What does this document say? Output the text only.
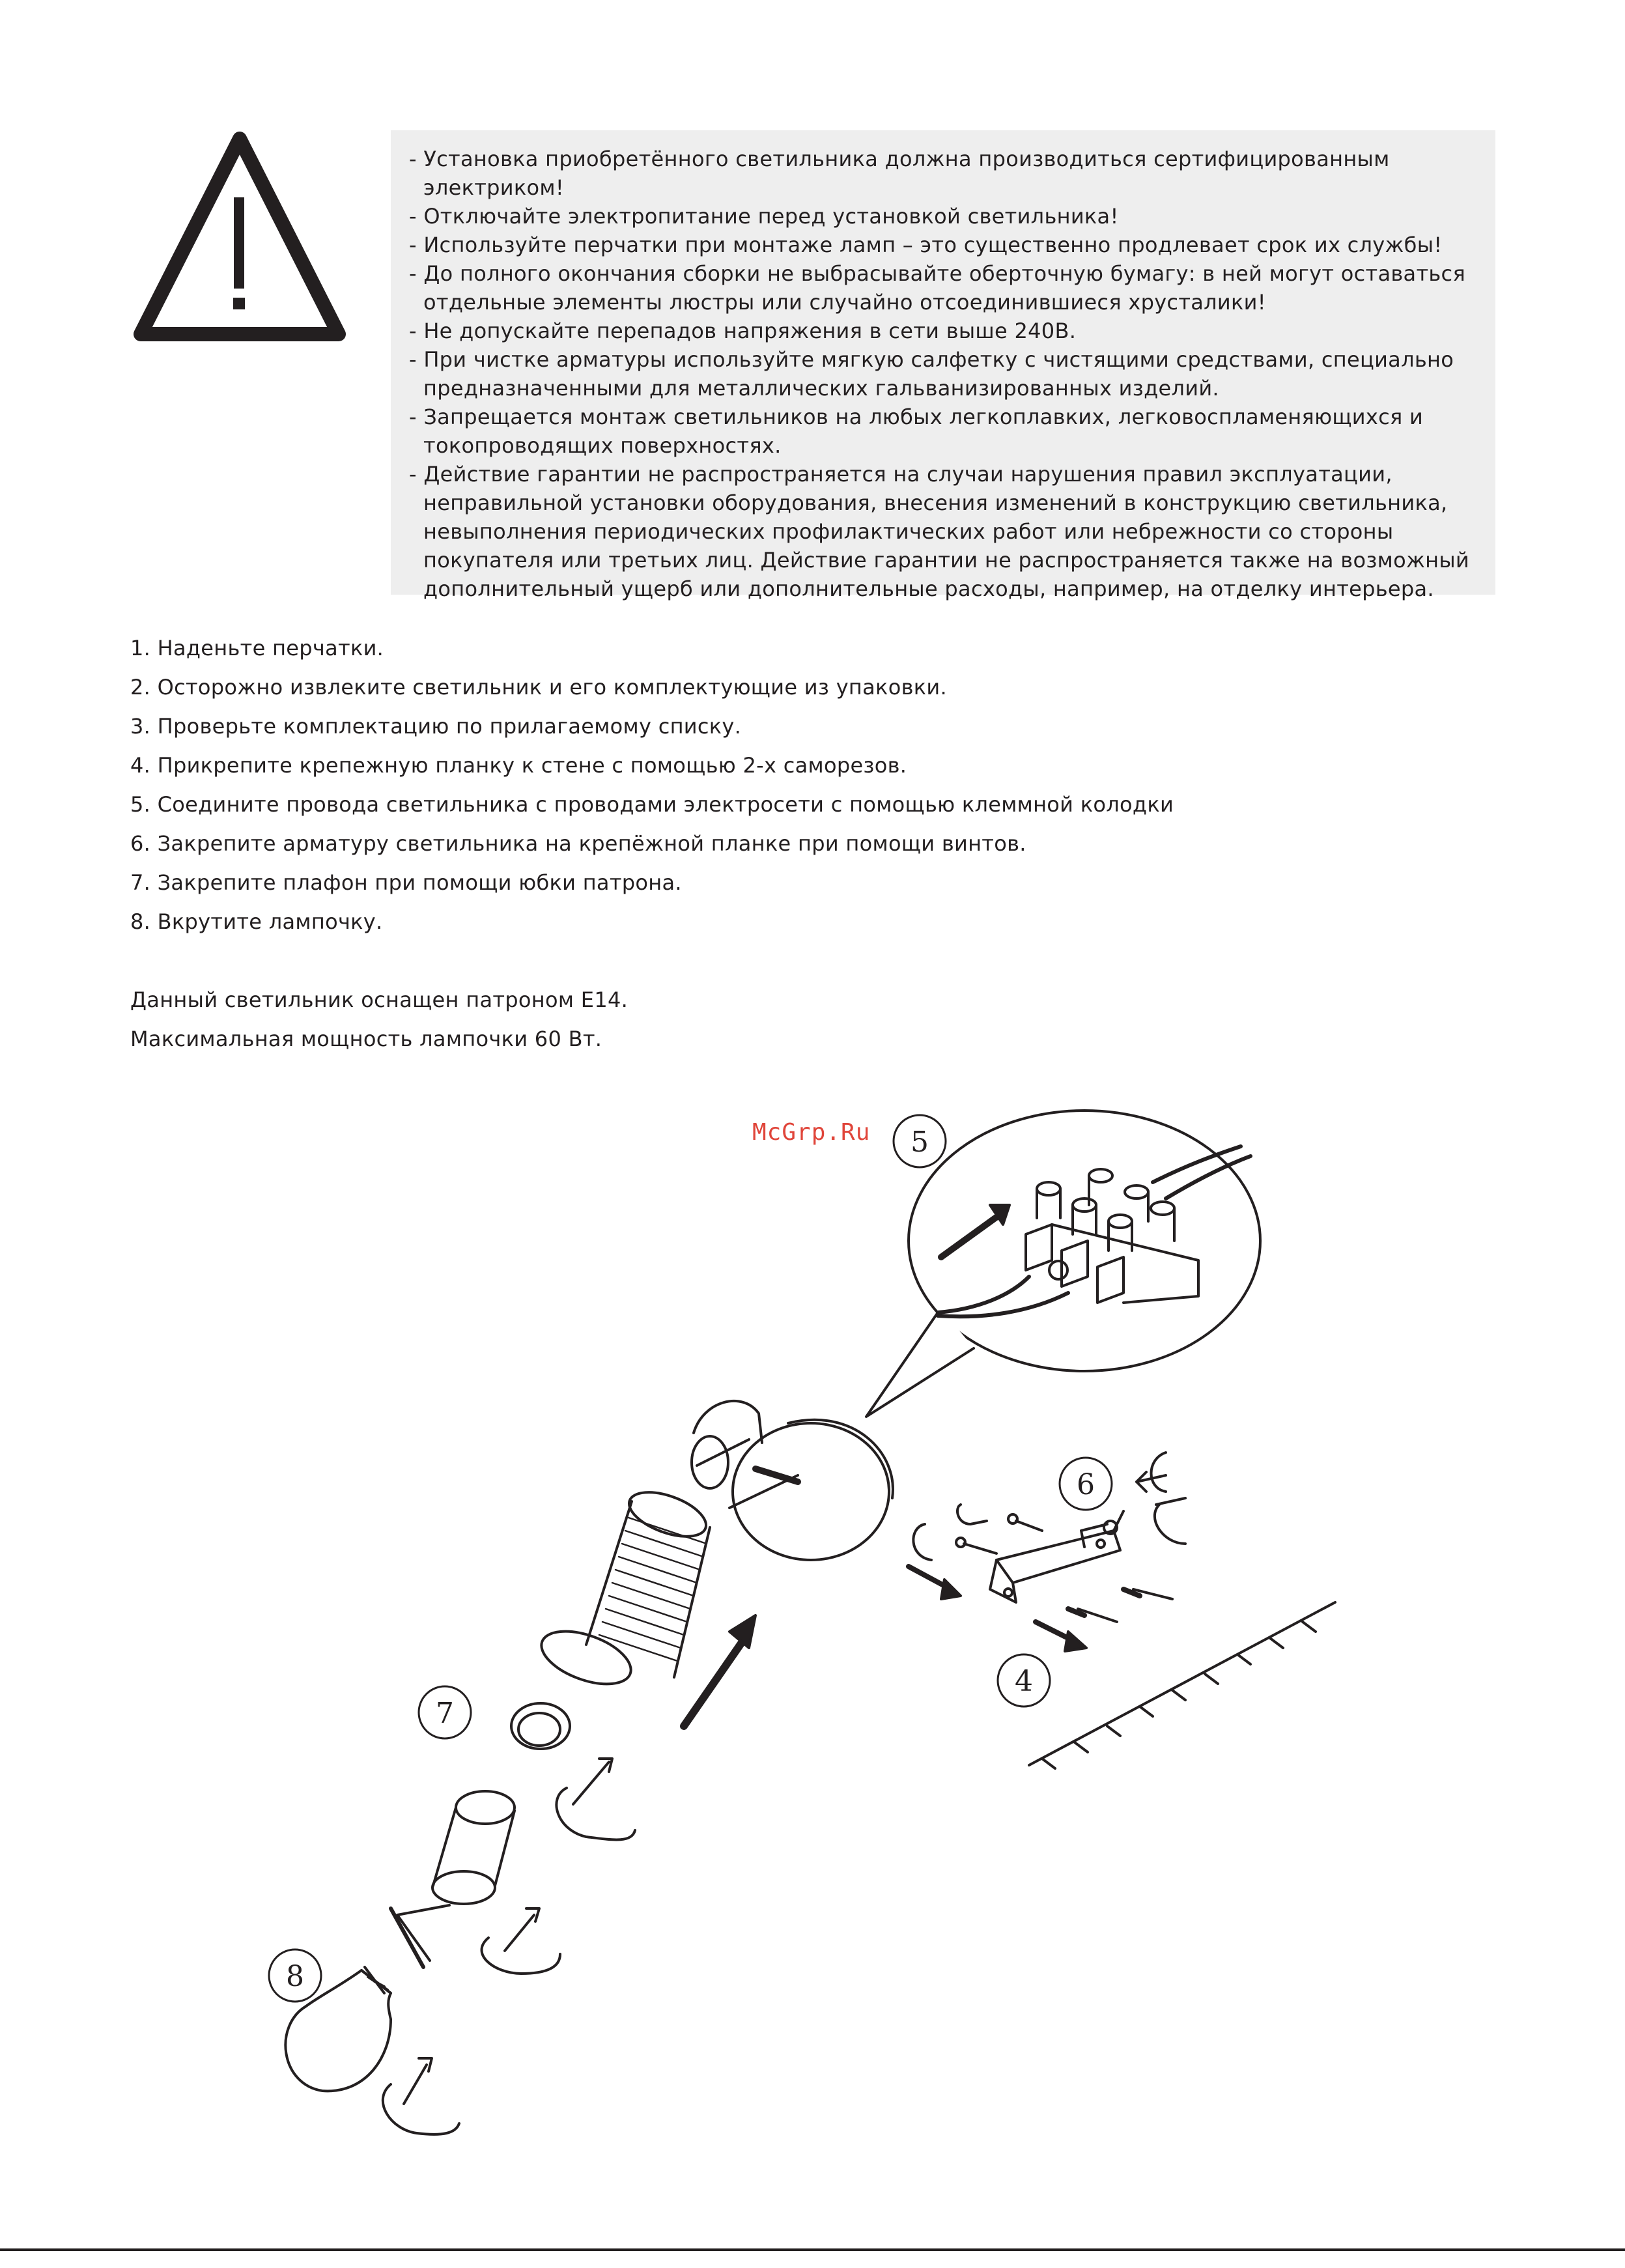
- Установка приобретённого светильника должна производиться сертифицированным электриком!
- Отключайте электропитание перед установкой светильника!
- Используйте перчатки при монтаже ламп – это существенно продлевает срок их службы!
- До полного окончания сборки не выбрасывайте оберточную бумагу: в ней могут оставаться отдельные элементы люстры или случайно отсоединившиеся хрусталики!
- Не допускайте перепадов напряжения в сети выше 240В.
- При чистке арматуры используйте мягкую салфетку с чистящими средствами, специально предназначенными для металлических гальванизированных изделий.
- Запрещается монтаж светильников на любых легкоплавких, легковоспламеняющихся и токопроводящих поверхностях.
- Действие гарантии не распространяется на случаи нарушения правил эксплуатации, неправильной установки оборудования, внесения изменений в конструкцию светильника, невыполнения периодических профилактических работ или небрежности со стороны покупателя или третьих лиц. Действие гарантии не распространяется также на возможный дополнительный ущерб или дополнительные расходы, например, на отделку интерьера.
1. Наденьте перчатки.
2. Осторожно извлеките светильник и его комплектующие из упаковки.
3. Проверьте комплектацию по прилагаемому списку.
4. Прикрепите крепежную планку к стене с помощью 2-х саморезов.
5. Соедините провода светильника с проводами электросети с помощью клеммной колодки
6. Закрепите арматуру светильника на крепёжной планке при помощи винтов.
7. Закрепите плафон при помощи юбки патрона.
8. Вкрутите лампочку.

Данный светильник оснащен патроном Е14.

Максимальная мощность лампочки 60 Вт.

McGrp.Ru 5
6
4
7
8
